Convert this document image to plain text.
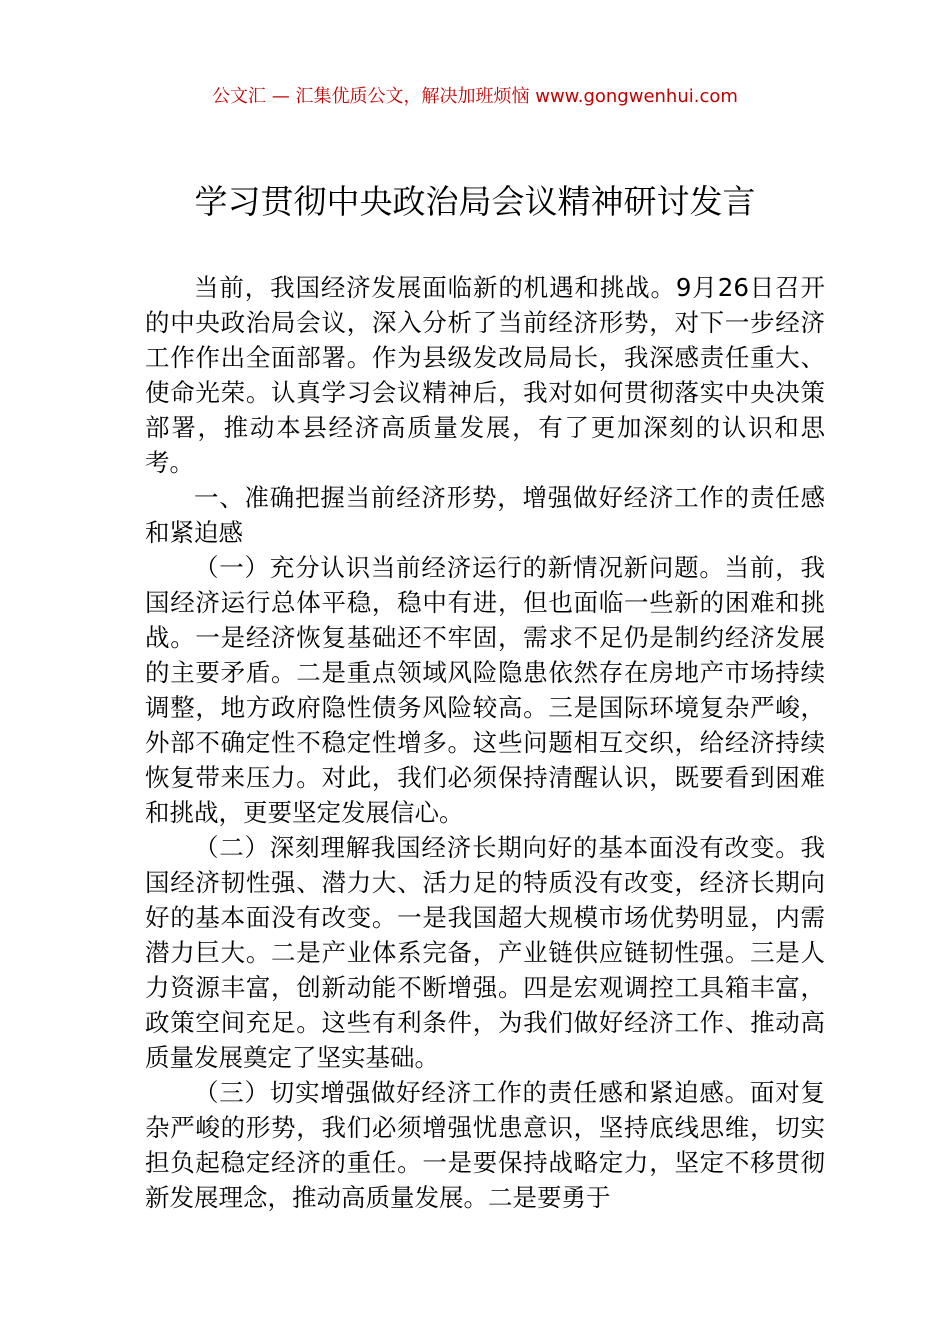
公文汇 — 汇集优质公文，解决加班烦恼 www.gongwenhui.com
学习贯彻中央政治局会议精神研讨发言

当前，我国经济发展面临新的机遇和挑战。9月26日召开的中央政治局会议，深入分析了当前经济形势，对下一步经济工作作出全面部署。作为县级发改局局长，我深感责任重大、使命光荣。认真学习会议精神后，我对如何贯彻落实中央决策部署，推动本县经济高质量发展，有了更加深刻的认识和思考。

一、准确把握当前经济形势，增强做好经济工作的责任感和紧迫感

（一）充分认识当前经济运行的新情况新问题。当前，我国经济运行总体平稳，稳中有进，但也面临一些新的困难和挑战。一是经济恢复基础还不牢固，需求不足仍是制约经济发展的主要矛盾。二是重点领域风险隐患依然存在房地产市场持续调整，地方政府隐性债务风险较高。三是国际环境复杂严峻，外部不确定性不稳定性增多。这些问题相互交织，给经济持续恢复带来压力。对此，我们必须保持清醒认识，既要看到困难和挑战，更要坚定发展信心。

（二）深刻理解我国经济长期向好的基本面没有改变。我国经济韧性强、潜力大、活力足的特质没有改变，经济长期向好的基本面没有改变。一是我国超大规模市场优势明显，内需潜力巨大。二是产业体系完备，产业链供应链韧性强。三是人力资源丰富，创新动能不断增强。四是宏观调控工具箱丰富，政策空间充足。这些有利条件，为我们做好经济工作、推动高质量发展奠定了坚实基础。

（三）切实增强做好经济工作的责任感和紧迫感。面对复杂严峻的形势，我们必须增强忧患意识，坚持底线思维，切实担负起稳定经济的重任。一是要保持战略定力，坚定不移贯彻新发展理念，推动高质量发展。二是要勇于
